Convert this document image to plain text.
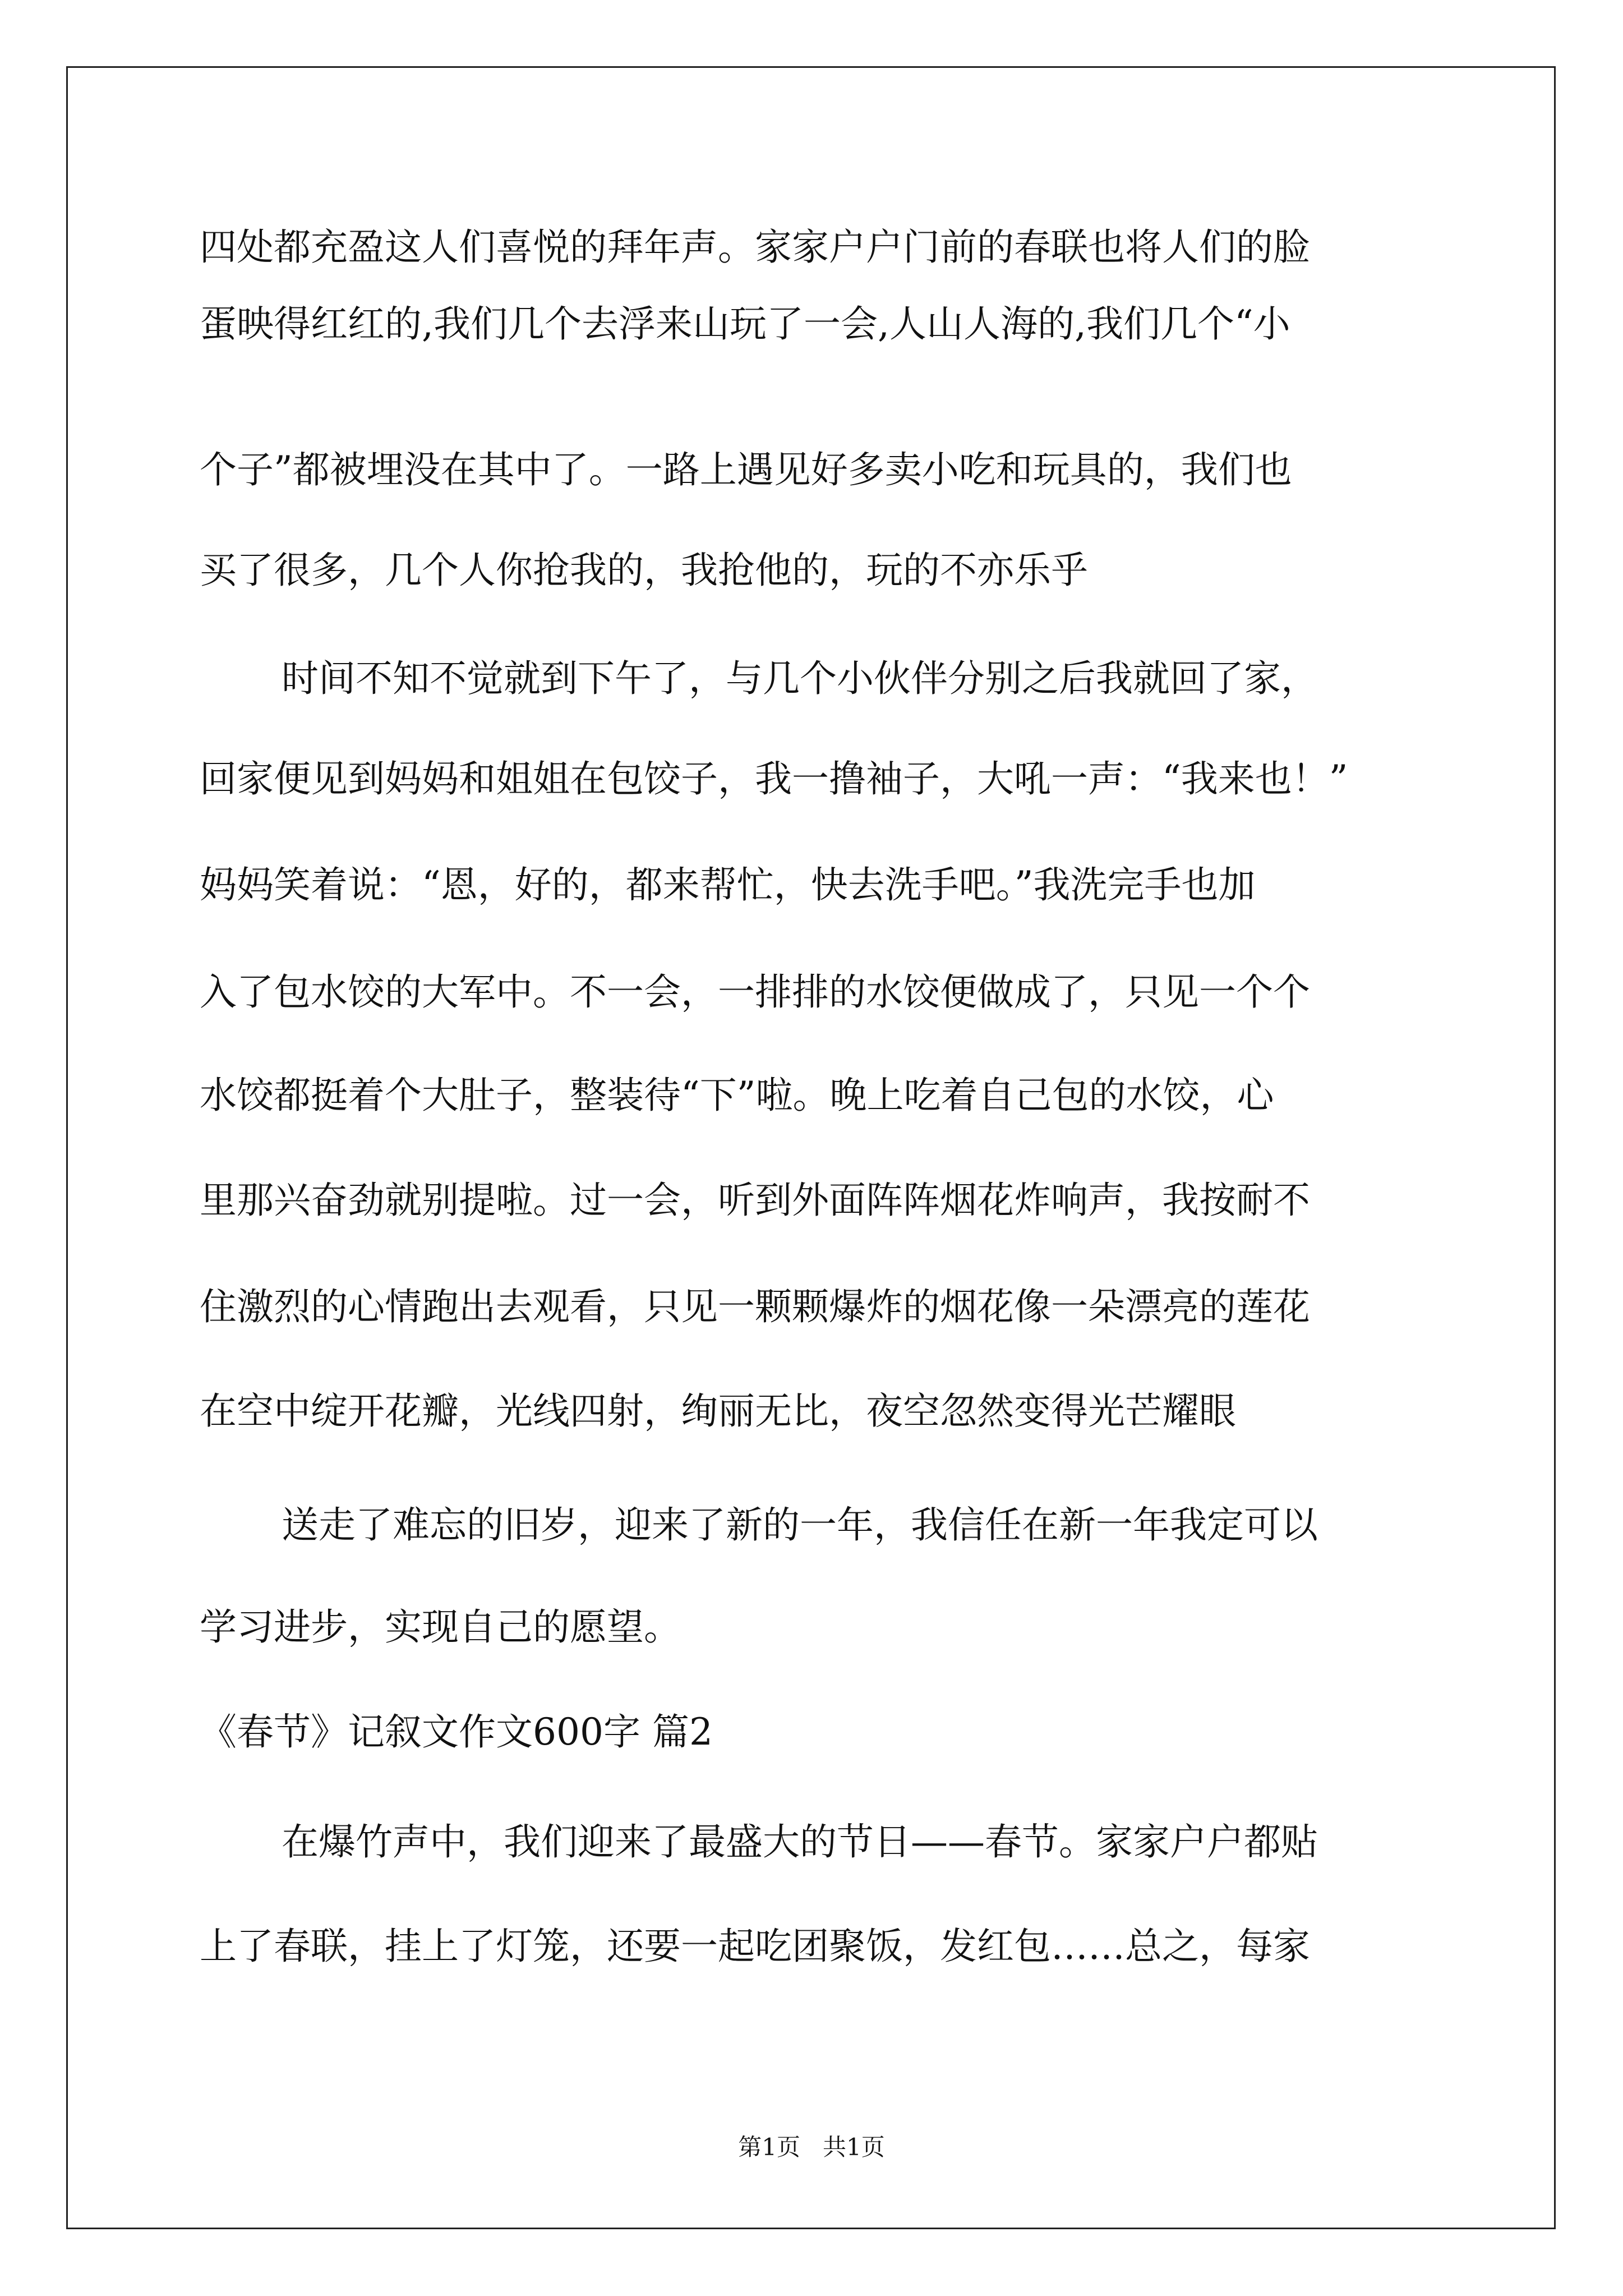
四处都充盈这人们喜悦的拜年声。家家户户门前的春联也将人们的脸
蛋映得红红的,我们几个去浮来山玩了一会,人山人海的,我们几个“小
个子”都被埋没在其中了。一路上遇见好多卖小吃和玩具的，我们也
买了很多，几个人你抢我的，我抢他的，玩的不亦乐乎
时间不知不觉就到下午了，与几个小伙伴分别之后我就回了家，
回家便见到妈妈和姐姐在包饺子，我一撸袖子，大吼一声：“我来也！”
妈妈笑着说：“恩，好的，都来帮忙，快去洗手吧。”我洗完手也加
入了包水饺的大军中。不一会，一排排的水饺便做成了，只见一个个
水饺都挺着个大肚子，整装待“下”啦。晚上吃着自己包的水饺，心
里那兴奋劲就别提啦。过一会，听到外面阵阵烟花炸响声，我按耐不
住激烈的心情跑出去观看，只见一颗颗爆炸的烟花像一朵漂亮的莲花
在空中绽开花瓣，光线四射，绚丽无比，夜空忽然变得光芒耀眼
送走了难忘的旧岁，迎来了新的一年，我信任在新一年我定可以
学习进步，实现自己的愿望。
《春节》记叙文作文600字 篇2
在爆竹声中，我们迎来了最盛大的节日——春节。家家户户都贴
上了春联，挂上了灯笼，还要一起吃团聚饭，发红包……总之，每家
第1页   共1页
